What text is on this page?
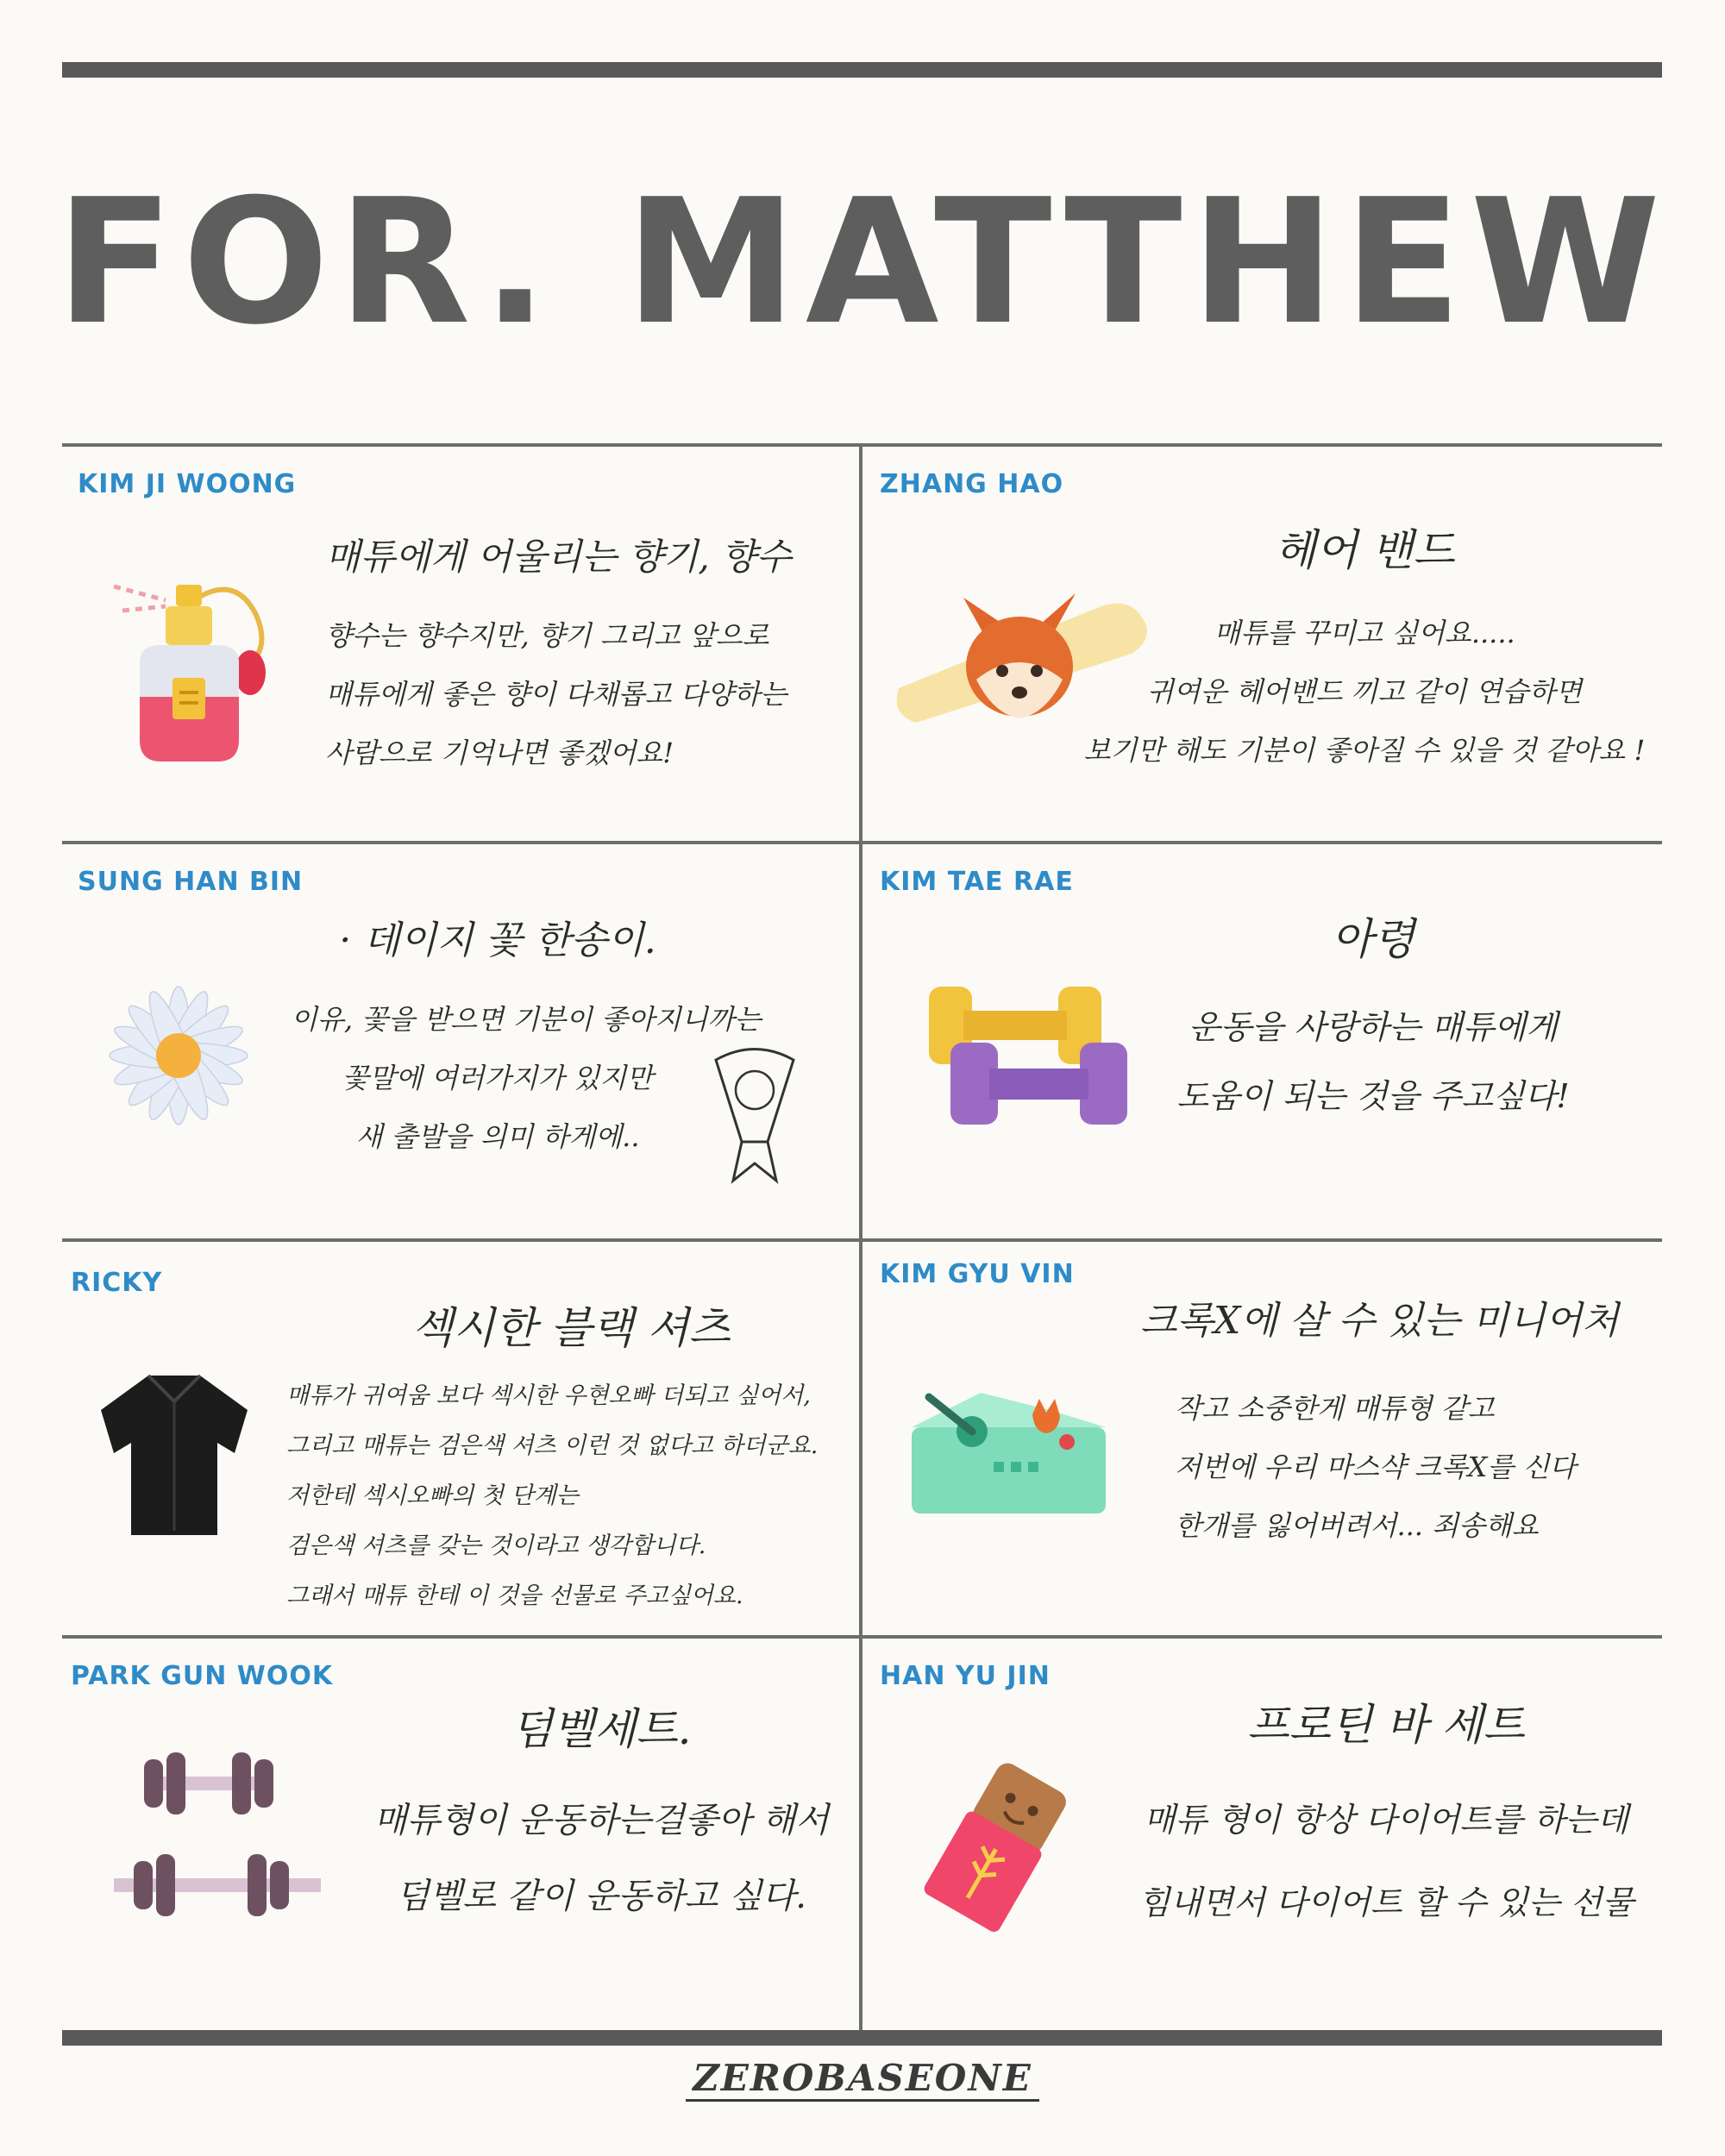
FOR. MATTHEW
KIM JI WOONG
매튜에게 어울리는 향기, 향수
향수는 향수지만, 향기 그리고 앞으로
매튜에게 좋은 향이 다채롭고 다양하는
사람으로 기억나면 좋겠어요!
ZHANG HAO
헤어 밴드
매튜를 꾸미고 싶어요.....
귀여운 헤어밴드 끼고 같이 연습하면
보기만 해도 기분이 좋아질 수 있을 것 같아요 !
SUNG HAN BIN
· 데이지 꽃 한송이.
이유, 꽃을 받으면 기분이 좋아지니까는
꽃말에 여러가지가 있지만
새 출발을 의미 하게에..
KIM TAE RAE
아령
운동을 사랑하는 매튜에게
도움이 되는 것을 주고싶다!
RICKY
섹시한 블랙 셔츠
매튜가 귀여움 보다 섹시한 우현오빠 더되고 싶어서,
그리고 매튜는 검은색 셔츠 이런 것 없다고 하더군요.
저한테 섹시오빠의 첫 단계는
검은색 셔츠를 갖는 것이라고 생각합니다.
그래서 매튜 한테 이 것을 선물로 주고싶어요.
KIM GYU VIN
크록X에 살 수 있는 미니어처
작고 소중한게 매튜형 같고
저번에 우리 마스샥 크록X를 신다
한개를 잃어버려서... 죄송해요
PARK GUN WOOK
덤벨세트.
매튜형이 운동하는걸좋아 해서
덤벨로 같이 운동하고 싶다.
HAN YU JIN
프로틴 바 세트
매튜 형이 항상 다이어트를 하는데
힘내면서 다이어트 할 수 있는 선물
ZEROBASEONE
